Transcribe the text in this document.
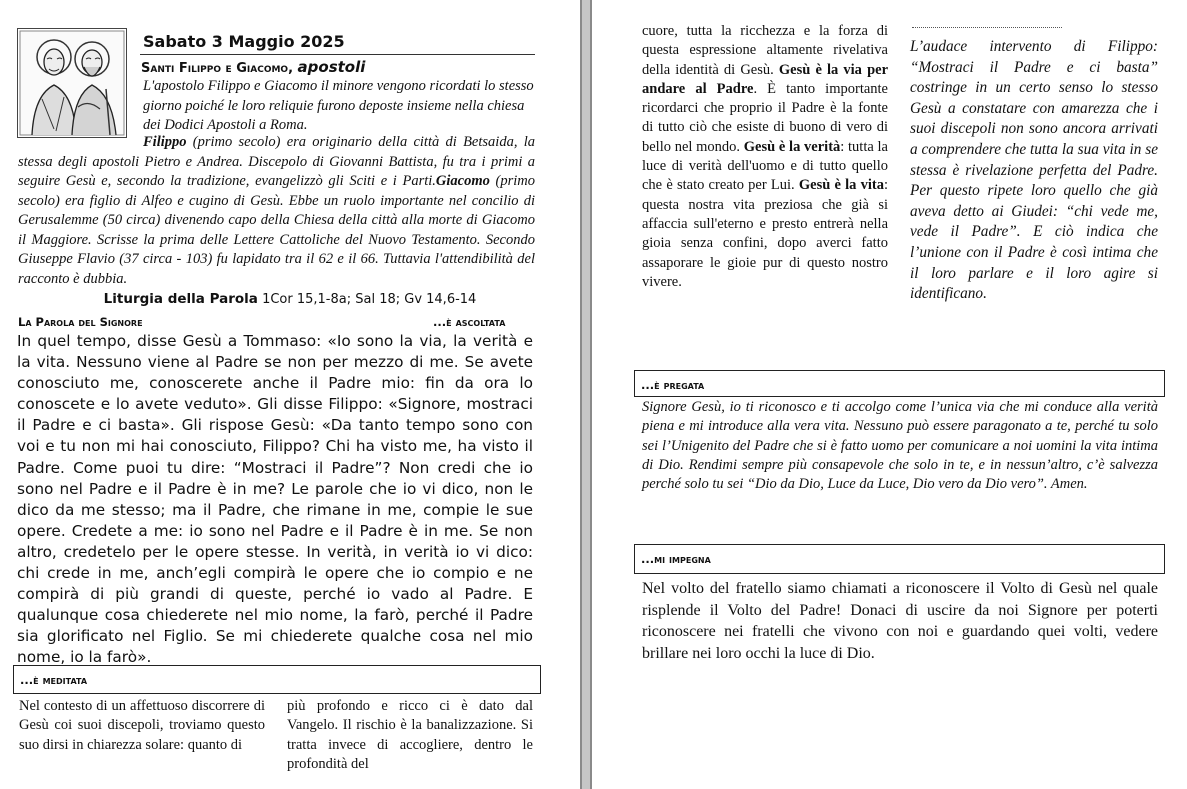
Sabato 3 Maggio 2025
Santi Filippo e Giacomo, apostoli
L'apostolo Filippo e Giacomo il minore vengono ricordati lo stesso giorno poiché le loro reliquie furono deposte insieme nella chiesa dei Dodici Apostoli a Roma.

Filippo (primo secolo) era originario della città di Betsaida, la stessa degli apostoli Pietro e Andrea. Discepolo di Giovanni Battista, fu tra i primi a seguire Gesù e, secondo la tradizione, evangelizzò gli Sciti e i Parti.Giacomo (primo secolo) era figlio di Alfeo e cugino di Gesù. Ebbe un ruolo importante nel concilio di Gerusalemme (50 circa) divenendo capo della Chiesa della città alla morte di Giacomo il Maggiore. Scrisse la prima delle Lettere Cattoliche del Nuovo Testamento. Secondo Giuseppe Flavio (37 circa - 103) fu lapidato tra il 62 e il 66. Tuttavia l'attendibilità del racconto è dubbia.

Liturgia della Parola 1Cor 15,1-8a; Sal 18; Gv 14,6-14
La Parola del Signore	...è ascoltata
In quel tempo, disse Gesù a Tommaso: «Io sono la via, la verità e la vita. Nessuno viene al Padre se non per mezzo di me. Se avete conosciuto me, conoscerete anche il Padre mio: fin da ora lo conoscete e lo avete veduto». Gli disse Filippo: «Signore, mostraci il Padre e ci basta». Gli rispose Gesù: «Da tanto tempo sono con voi e tu non mi hai conosciuto, Filippo? Chi ha visto me, ha visto il Padre. Come puoi tu dire: “Mostraci il Padre”? Non credi che io sono nel Padre e il Padre è in me? Le parole che io vi dico, non le dico da me stesso; ma il Padre, che rimane in me, compie le sue opere. Credete a me: io sono nel Padre e il Padre è in me. Se non altro, credetelo per le opere stesse. In verità, in verità io vi dico: chi crede in me, anch’egli compirà le opere che io compio e ne compirà di più grandi di queste, perché io vado al Padre. E qualunque cosa chiederete nel mio nome, la farò, perché il Padre sia glorificato nel Figlio. Se mi chiederete qualche cosa nel mio nome, io la farò».
...è meditata
Nel contesto di un affettuoso discorrere di Gesù coi suoi discepoli, troviamo questo suo dirsi in chiarezza solare: quanto di
più profondo e ricco ci è dato dal Vangelo. Il rischio è la banalizzazione. Si tratta invece di accogliere, dentro le profondità del
cuore, tutta la ricchezza e la forza di questa espressione altamente rivelativa della identità di Gesù. Gesù è la via per andare al Padre. È tanto importante ricordarci che proprio il Padre è la fonte di tutto ciò che esiste di buono di vero di bello nel mondo. Gesù è la verità: tutta la luce di verità dell'uomo e di tutto quello che è stato creato per Lui. Gesù è la vita: questa nostra vita preziosa che già si affaccia sull'eterno e presto entrerà nella gioia senza confini, dopo averci fatto assaporare le gioie pur di questo nostro vivere.
L’audace intervento di Filippo: “Mostraci il Padre e ci basta” costringe in un certo senso lo stesso Gesù a constatare con amarezza che i suoi discepoli non sono ancora arrivati a comprendere che tutta la sua vita in se stessa è rivelazione perfetta del Padre. Per questo ripete loro quello che già aveva detto ai Giudei: “chi vede me, vede il Padre”. E ciò indica che l’unione con il Padre è così intima che il loro parlare e il loro agire si identificano.
...è pregata
Signore Gesù, io ti riconosco e ti accolgo come l’unica via che mi conduce alla verità piena e mi introduce alla vera vita. Nessuno può essere paragonato a te, perché tu solo sei l’Unigenito del Padre che si è fatto uomo per comunicare a noi uomini la vita intima di Dio. Rendimi sempre più consapevole che solo in te, e in nessun’altro, c’è salvezza perché solo tu sei “Dio da Dio, Luce da Luce, Dio vero da Dio vero”. Amen.
...mi impegna
Nel volto del fratello siamo chiamati a riconoscere il Volto di Gesù nel quale risplende il Volto del Padre! Donaci di uscire da noi Signore per poterti riconoscere nei fratelli che vivono con noi e guardando quei volti, vedere brillare nei loro occhi la luce di Dio.
